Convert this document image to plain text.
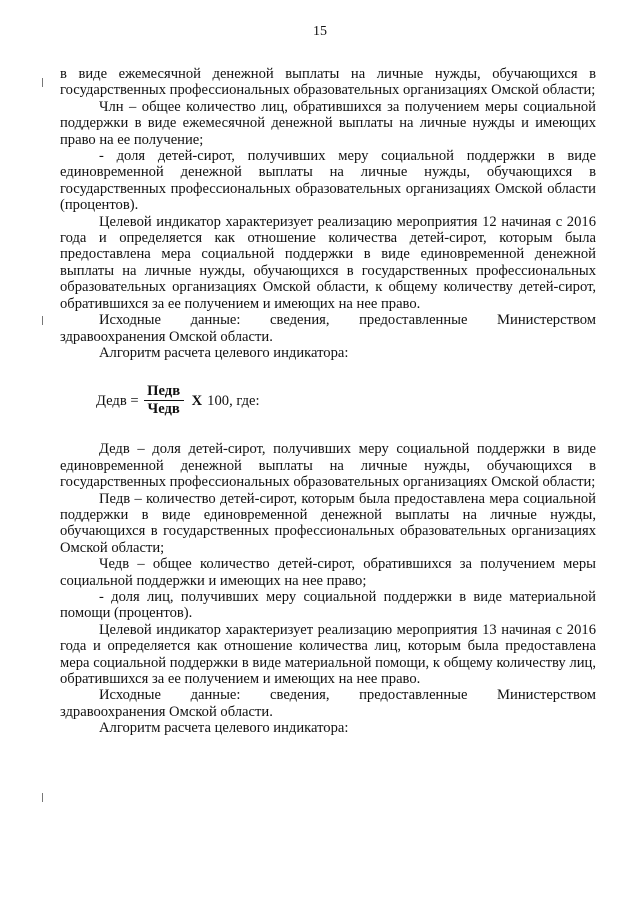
15

в виде ежемесячной денежной выплаты на личные нужды, обучающихся в государственных профессиональных образовательных организациях Омской области;

Члн – общее количество лиц, обратившихся за получением меры социальной поддержки в виде ежемесячной денежной выплаты на личные нужды и имеющих право на ее получение;

- доля детей-сирот, получивших меру социальной поддержки в виде единовременной денежной выплаты на личные нужды, обучающихся в государственных профессиональных образовательных организациях Омской области (процентов).

Целевой индикатор характеризует реализацию мероприятия 12 начиная с 2016 года и определяется как отношение количества детей-сирот, которым была предоставлена мера социальной поддержки в виде единовременной денежной выплаты на личные нужды, обучающихся в государственных профессиональных образовательных организациях Омской области, к общему количеству детей-сирот, обратившихся за ее получением и имеющих на нее право.

Исходные данные: сведения, предоставленные Министерством здравоохранения Омской области.

Алгоритм расчета целевого индикатора:

Дедв = $\frac{\text{Педв}}{\text{Чедв}}$ Х 100, где:

Дедв – доля детей-сирот, получивших меру социальной поддержки в виде единовременной денежной выплаты на личные нужды, обучающихся в государственных профессиональных образовательных организациях Омской области;

Педв – количество детей-сирот, которым была предоставлена мера социальной поддержки в виде единовременной денежной выплаты на личные нужды, обучающихся в государственных профессиональных образовательных организациях Омской области;

Чедв – общее количество детей-сирот, обратившихся за получением меры социальной поддержки и имеющих на нее право;

- доля лиц, получивших меру социальной поддержки в виде материальной помощи (процентов).

Целевой индикатор характеризует реализацию мероприятия 13 начиная с 2016 года и определяется как отношение количества лиц, которым была предоставлена мера социальной поддержки в виде материальной помощи, к общему количеству лиц, обратившихся за ее получением и имеющих на нее право.

Исходные данные: сведения, предоставленные Министерством здравоохранения Омской области.

Алгоритм расчета целевого индикатора:
